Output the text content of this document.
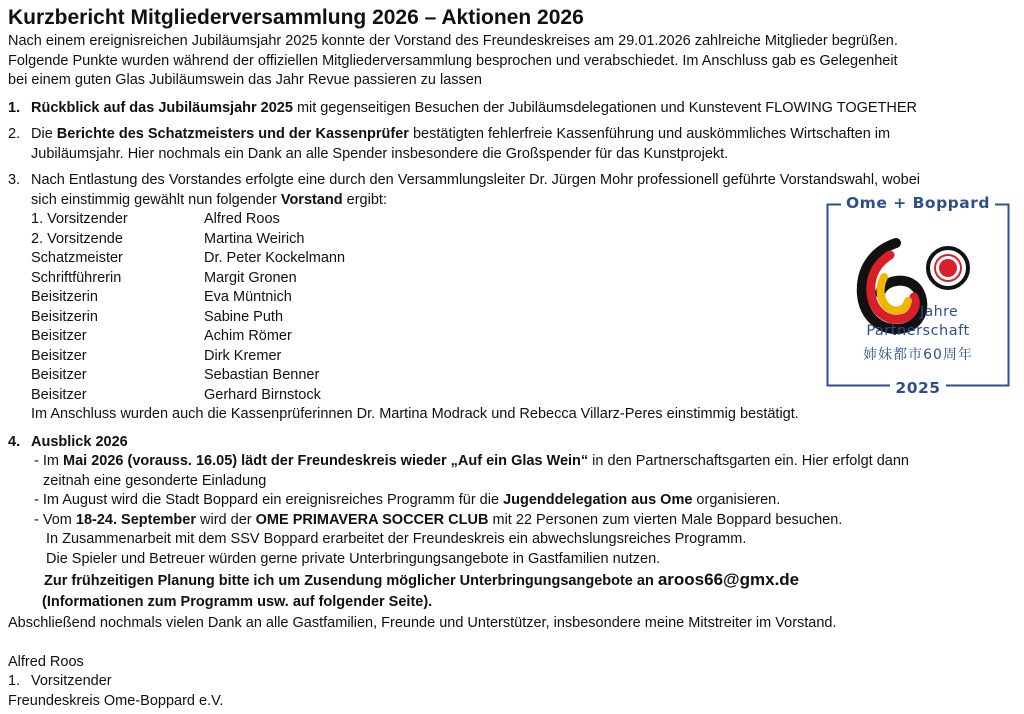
Kurzbericht Mitgliederversammlung 2026 – Aktionen 2026
Nach einem ereignisreichen Jubiläumsjahr 2025 konnte der Vorstand des Freundeskreises am 29.01.2026 zahlreiche Mitglieder begrüßen.
Folgende Punkte wurden während der offiziellen Mitgliederversammlung besprochen und verabschiedet. Im Anschluss gab es Gelegenheit
bei einem guten Glas Jubiläumswein das Jahr Revue passieren zu lassen
1. Rückblick auf das Jubiläumsjahr 2025 mit gegenseitigen Besuchen der Jubiläumsdelegationen und Kunstevent FLOWING TOGETHER
2. Die Berichte des Schatzmeisters und der Kassenprüfer bestätigten fehlerfreie Kassenführung und auskömmliches Wirtschaften im
Jubiläumsjahr. Hier nochmals ein Dank an alle Spender insbesondere die Großspender für das Kunstprojekt.
3. Nach Entlastung des Vorstandes erfolgte eine durch den Versammlungsleiter Dr. Jürgen Mohr professionell geführte Vorstandswahl, wobei
sich einstimmig gewählt nun folgender Vorstand ergibt:
1. Vorsitzender	Alfred Roos
2. Vorsitzende	Martina Weirich
Schatzmeister	Dr. Peter Kockelmann
Schriftführerin	Margit Gronen
Beisitzerin	Eva Müntnich
Beisitzerin	Sabine Puth
Beisitzer	Achim Römer
Beisitzer	Dirk Kremer
Beisitzer	Sebastian Benner
Beisitzer	Gerhard Birnstock
Im Anschluss wurden auch die Kassenprüferinnen Dr. Martina Modrack und Rebecca Villarz-Peres einstimmig bestätigt.
4. Ausblick 2026
- Im Mai 2026 (vorauss. 16.05) lädt der Freundeskreis wieder „Auf ein Glas Wein“ in den Partnerschaftsgarten ein. Hier erfolgt dann
zeitnah eine gesonderte Einladung
- Im August wird die Stadt Boppard ein ereignisreiches Programm für die Jugenddelegation aus Ome organisieren.
- Vom 18-24. September wird der OME PRIMAVERA SOCCER CLUB mit 22 Personen zum vierten Male Boppard besuchen.
In Zusammenarbeit mit dem SSV Boppard erarbeitet der Freundeskreis ein abwechslungsreiches Programm.
Die Spieler und Betreuer würden gerne private Unterbringungsangebote in Gastfamilien nutzen.
Zur frühzeitigen Planung bitte ich um Zusendung möglicher Unterbringungsangebote an aroos66@gmx.de
(Informationen zum Programm usw. auf folgender Seite).
Abschließend nochmals vielen Dank an alle Gastfamilien, Freunde und Unterstützer, insbesondere meine Mitstreiter im Vorstand.
Alfred Roos
1. Vorsitzender
Freundeskreis Ome-Boppard e.V.
Ome + Boppard
Jahre
Partnerschaft
姉妹都市60周年
2025
